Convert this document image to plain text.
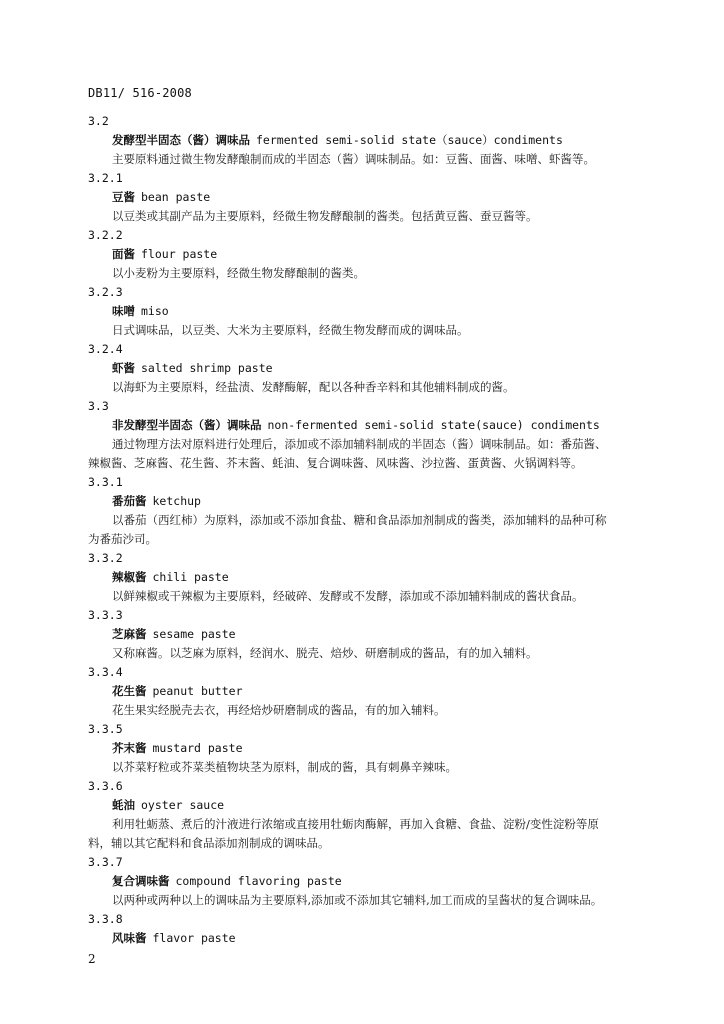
DB11/ 516-2008
3.2
发酵型半固态（酱）调味品 fermented semi-solid state（sauce）condiments
主要原料通过微生物发酵酿制而成的半固态（酱）调味制品。如：豆酱、面酱、味噌、虾酱等。
3.2.1
豆酱 bean paste
以豆类或其副产品为主要原料，经微生物发酵酿制的酱类。包括黄豆酱、蚕豆酱等。
3.2.2
面酱 flour paste
以小麦粉为主要原料，经微生物发酵酿制的酱类。
3.2.3
味噌 miso
日式调味品，以豆类、大米为主要原料，经微生物发酵而成的调味品。
3.2.4
虾酱 salted shrimp paste
以海虾为主要原料，经盐渍、发酵酶解，配以各种香辛料和其他辅料制成的酱。
3.3
非发酵型半固态（酱）调味品 non-fermented semi-solid state(sauce) condiments
通过物理方法对原料进行处理后，添加或不添加辅料制成的半固态（酱）调味制品。如：番茄酱、
辣椒酱、芝麻酱、花生酱、芥末酱、蚝油、复合调味酱、风味酱、沙拉酱、蛋黄酱、火锅调料等。
3.3.1
番茄酱 ketchup
以番茄（西红柿）为原料，添加或不添加食盐、糖和食品添加剂制成的酱类，添加辅料的品种可称
为番茄沙司。
3.3.2
辣椒酱 chili paste
以鲜辣椒或干辣椒为主要原料，经破碎、发酵或不发酵，添加或不添加辅料制成的酱状食品。
3.3.3
芝麻酱 sesame paste
又称麻酱。以芝麻为原料，经润水、脱壳、焙炒、研磨制成的酱品，有的加入辅料。
3.3.4
花生酱 peanut butter
花生果实经脱壳去衣，再经焙炒研磨制成的酱品，有的加入辅料。
3.3.5
芥末酱 mustard paste
以芥菜籽粒或芥菜类植物块茎为原料，制成的酱，具有刺鼻辛辣味。
3.3.6
蚝油 oyster sauce
利用牡蛎蒸、煮后的汁液进行浓缩或直接用牡蛎肉酶解，再加入食糖、食盐、淀粉/变性淀粉等原
料，辅以其它配料和食品添加剂制成的调味品。
3.3.7
复合调味酱 compound flavoring paste
以两种或两种以上的调味品为主要原料,添加或不添加其它辅料,加工而成的呈酱状的复合调味品。
3.3.8
风味酱 flavor paste
2
